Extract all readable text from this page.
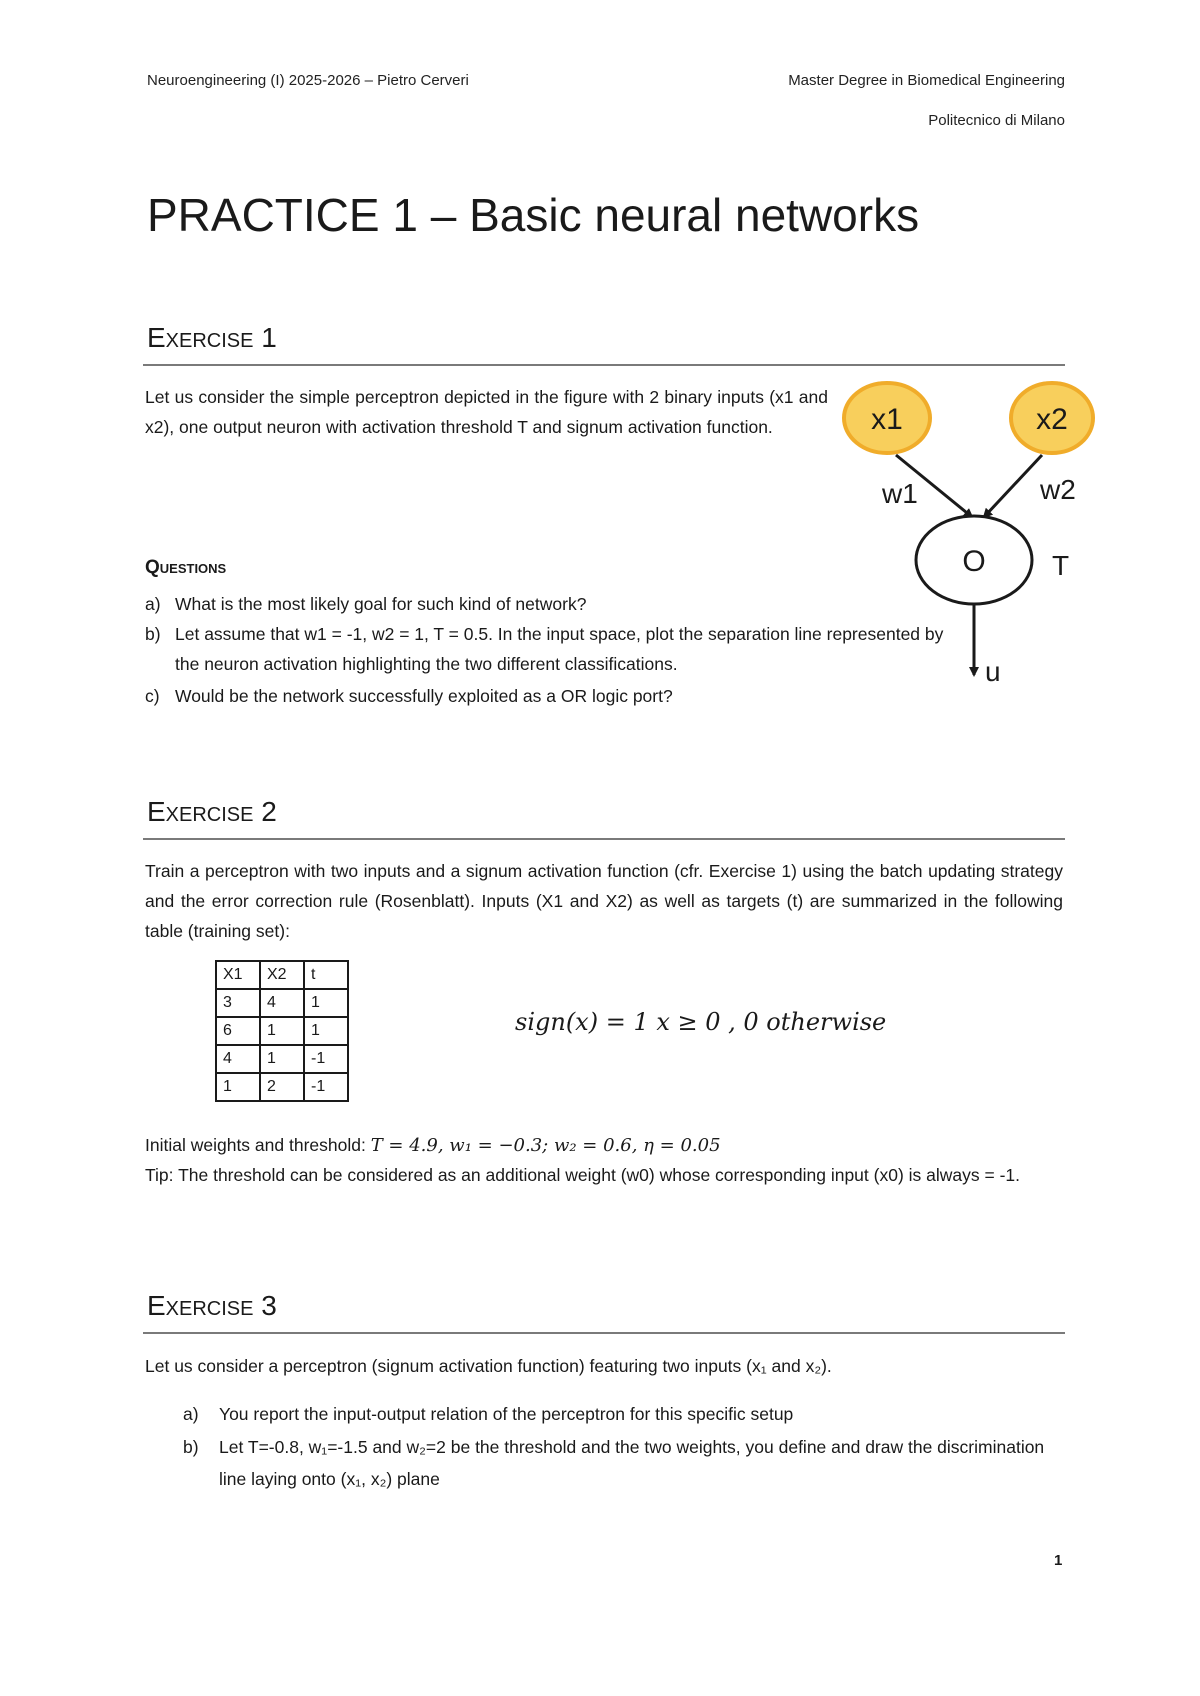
Neuroengineering (I) 2025-2026 – Pietro Cerveri	Master Degree in Biomedical Engineering
Politecnico di Milano
PRACTICE 1 – Basic neural networks
Exercise 1
Let us consider the simple perceptron depicted in the figure with 2 binary inputs (x1 and x2), one output neuron with activation threshold T and signum activation function.
Questions
a) What is the most likely goal for such kind of network?
b) Let assume that w1 = -1, w2 = 1, T = 0.5. In the input space, plot the separation line represented by the neuron activation highlighting the two different classifications.
c) Would be the network successfully exploited as a OR logic port?
x1	x2
w1	w2
O T
u
Exercise 2
Train a perceptron with two inputs and a signum activation function (cfr. Exercise 1) using the batch updating strategy and the error correction rule (Rosenblatt). Inputs (X1 and X2) as well as targets (t) are summarized in the following table (training set):
X1	X2	t
3	4	1
6	1	1
4	1	-1
1	2	-1
sign(x) = 1 x ≥ 0 , 0 otherwise
Initial weights and threshold: T = 4.9, w₁ = −0.3; w₂ = 0.6, η = 0.05
Tip: The threshold can be considered as an additional weight (w0) whose corresponding input (x0) is always = -1.
Exercise 3
Let us consider a perceptron (signum activation function) featuring two inputs (x₁ and x₂).
a) You report the input-output relation of the perceptron for this specific setup
b) Let T=-0.8, w₁=-1.5 and w₂=2 be the threshold and the two weights, you define and draw the discrimination line laying onto (x₁, x₂) plane
1
